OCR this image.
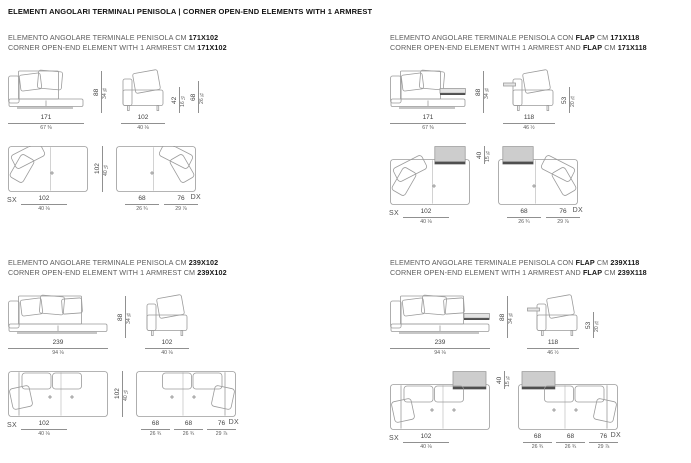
ELEMENTI ANGOLARI TERMINALI PENISOLA | CORNER OPEN-END ELEMENTS WITH 1 ARMREST
ELEMENTO ANGOLARE TERMINALE PENISOLA CM 171X102
CORNER OPEN-END ELEMENT WITH 1 ARMREST CM 171X102
171
67 ⅜
88 34 ⅝
102
40 ⅛
42 16 ½ 68 26 ¾
102
40 ⅛
SX
102 40 ⅛
68
26 ¾
76
29 ⅞
DX
ELEMENTO ANGOLARE TERMINALE PENISOLA CON FLAP CM 171X118
CORNER OPEN-END ELEMENT WITH 1 ARMREST AND FLAP CM 171X118
171
67 ⅜
88 34 ⅝
118
46 ½
53 20 ⅞
102
40 ⅛
SX
40 15 ¾
68
26 ¾
76
29 ⅞
DX
ELEMENTO ANGOLARE TERMINALE PENISOLA CM 239X102
CORNER OPEN-END ELEMENT WITH 1 ARMREST CM 239X102
239
94 ⅛
88 34 ⅝
102
40 ⅛
102
40 ⅛
SX
102 40 ⅛
68
26 ¾
68
26 ¾
76
29 ⅞
DX
ELEMENTO ANGOLARE TERMINALE PENISOLA CON FLAP CM 239X118
CORNER OPEN-END ELEMENT WITH 1 ARMREST AND FLAP CM 239X118
239
94 ⅛
88 34 ⅝
118
46 ½
53 20 ⅞
102
40 ⅛
SX
40 15 ¾
68
26 ¾
68
26 ¾
76
29 ⅞
DX
